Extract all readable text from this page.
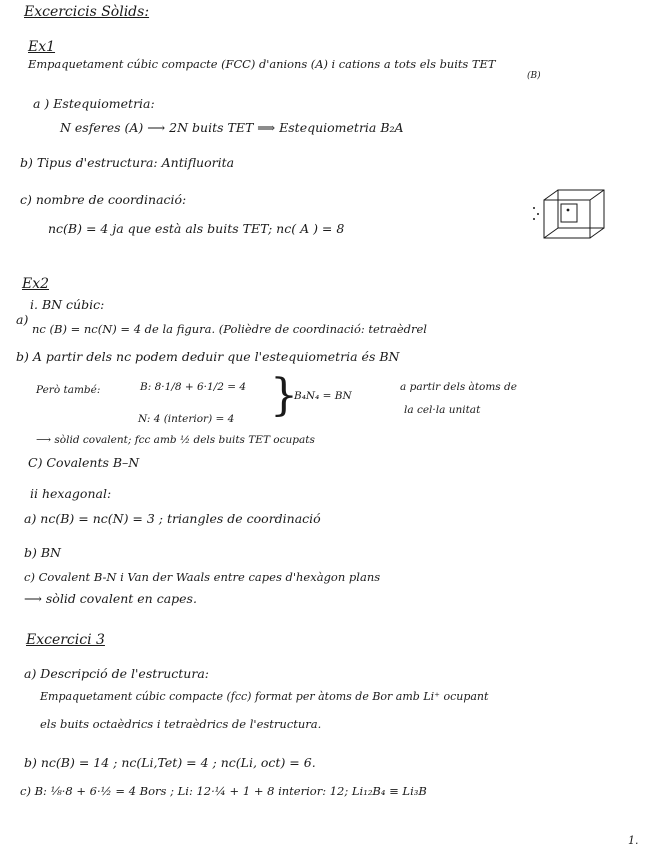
Excercicis Sòlids:
Ex1
Empaquetament cúbic compacte (FCC) d'anions (A) i cations a tots els buits TET
(B)
a ) Estequiometria:
N esferes (A) ⟶ 2N buits TET ⟹ Estequiometria B₂A
b) Tipus d'estructura: Antifluorita
c) nombre de coordinació:
nc(B) = 4 ja que està als buits TET; nc( A ) = 8
Ex2
i. BN cúbic:
a)
nc (B) = nc(N) = 4 de la figura. (Polièdre de coordinació: tetraèdrel
b) A partir dels nc podem deduir que l'estequiometria és BN
Però també:	B: 8·1/8 + 6·1/2 = 4
N: 4 (interior) = 4 }
B₄N₄ = BN
a partir dels àtoms de
la cel·la unitat
⟶ sòlid covalent; fcc amb ½ dels buits TET ocupats
C) Covalents B–N
ii hexagonal:
a) nc(B) = nc(N) = 3 ; triangles de coordinació
b) BN
c) Covalent B-N i Van der Waals entre capes d'hexàgon plans
⟶ sòlid covalent en capes.
Excercici 3
a) Descripció de l'estructura:
Empaquetament cúbic compacte (fcc) format per àtoms de Bor amb Li⁺ ocupant
els buits octaèdrics i tetraèdrics de l'estructura.
b) nc(B) = 14 ; nc(Li,Tet) = 4 ; nc(Li, oct) = 6.
c) B: ⅛·8 + 6·½ = 4 Bors ; Li: 12·¼ + 1 + 8 interior: 12; Li₁₂B₄ ≡ Li₃B
1.
